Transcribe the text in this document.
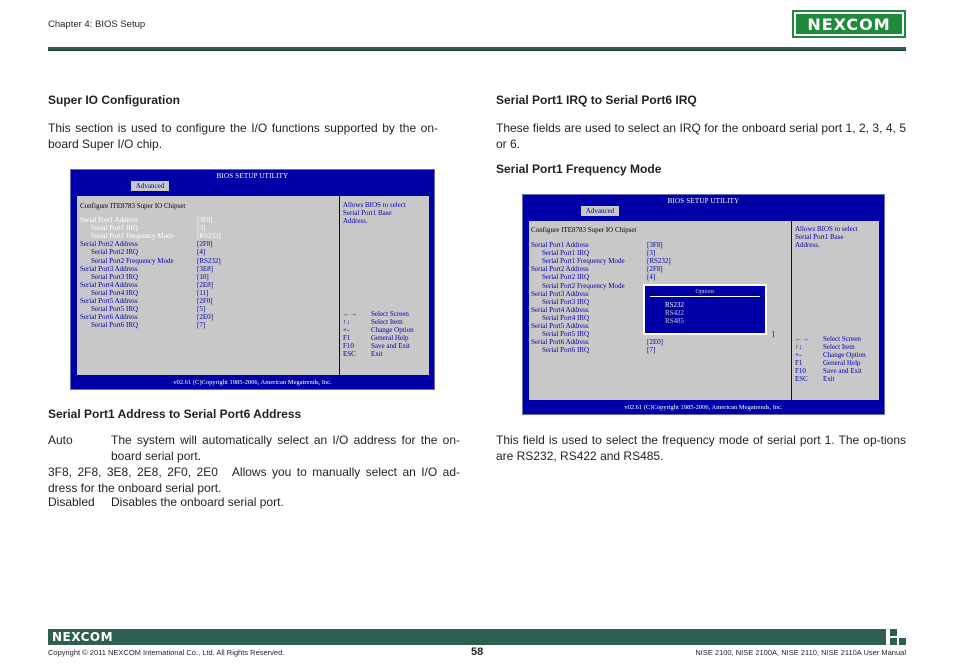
Chapter 4: BIOS Setup	NEXCOM
Super IO Configuration
This section is used to configure the I/O functions supported by the on-board Super I/O chip.
BIOS SETUP UTILITY
Advanced
Configure ITE8783 Super IO Chipset
Serial Port1 Address	[3F8]
Serial Port1 IRQ	[3]
Serial Port1 Frequency Mode	[RS232]
Serial Port2 Address	[2F8]
Serial Port2 IRQ	[4]
Serial Port2 Frequency Mode	[RS232]
Serial Port3 Address	[3E8]
Serial Port3 IRQ	[10]
Serial Port4 Address	[2E8]
Serial Port4 IRQ	[11]
Serial Port5 Address	[2F0]
Serial Port5 IRQ	[5]
Serial Port6 Address	[2E0]
Serial Port6 IRQ	[7]
Allows BIOS to select
Serial Port1 Base
Address.
←→ Select Screen
↑↓	Select Item
+-	Change Option
F1	General Help
F10 Save and Exit
ESC Exit
v02.61 (C)Copyright 1985-2006, American Megatrends, Inc.
Serial Port1 Address to Serial Port6 Address
Auto	The system will automatically select an I/O address for the on-board serial port.
3F8, 2F8, 3E8, 2E8, 2F0, 2E0 Allows you to manually select an I/O ad-dress for the onboard serial port.
Disabled Disables the onboard serial port.
Serial Port1 IRQ to Serial Port6 IRQ
These fields are used to select an IRQ for the onboard serial port 1, 2, 3, 4, 5 or 6.
Serial Port1 Frequency Mode
BIOS SETUP UTILITY
Advanced
Configure ITE8783 Super IO Chipset
Serial Port1 Address	[3F8]
Serial Port1 IRQ	[3]
Serial Port1 Frequency Mode	[RS232]
Serial Port2 Address	[2F8]
Serial Port2 IRQ	[4]
Serial Port2 Frequency Mode
Serial Port3 Address
Serial Port3 IRQ
Serial Port4 Address
Serial Port4 IRQ
Serial Port5 Address
Serial Port5 IRQ
Serial Port6 Address	[2E0]
Serial Port6 IRQ	[7]
]
Allows BIOS to select
Serial Port1 Base
Address.
←→ Select Screen
↑↓	Select Item
+-	Change Option
F1	General Help
F10 Save and Exit
ESC Exit
Options
RS232
RS422
RS485
v02.61 (C)Copyright 1985-2006, American Megatrends, Inc.
This field is used to select the frequency mode of serial port 1. The op-tions are RS232, RS422 and RS485.
NEXCOM
Copyright © 2011 NEXCOM International Co., Ltd. All Rights Reserved.	58	NISE 2100, NISE 2100A, NISE 2110, NISE 2110A User Manual
